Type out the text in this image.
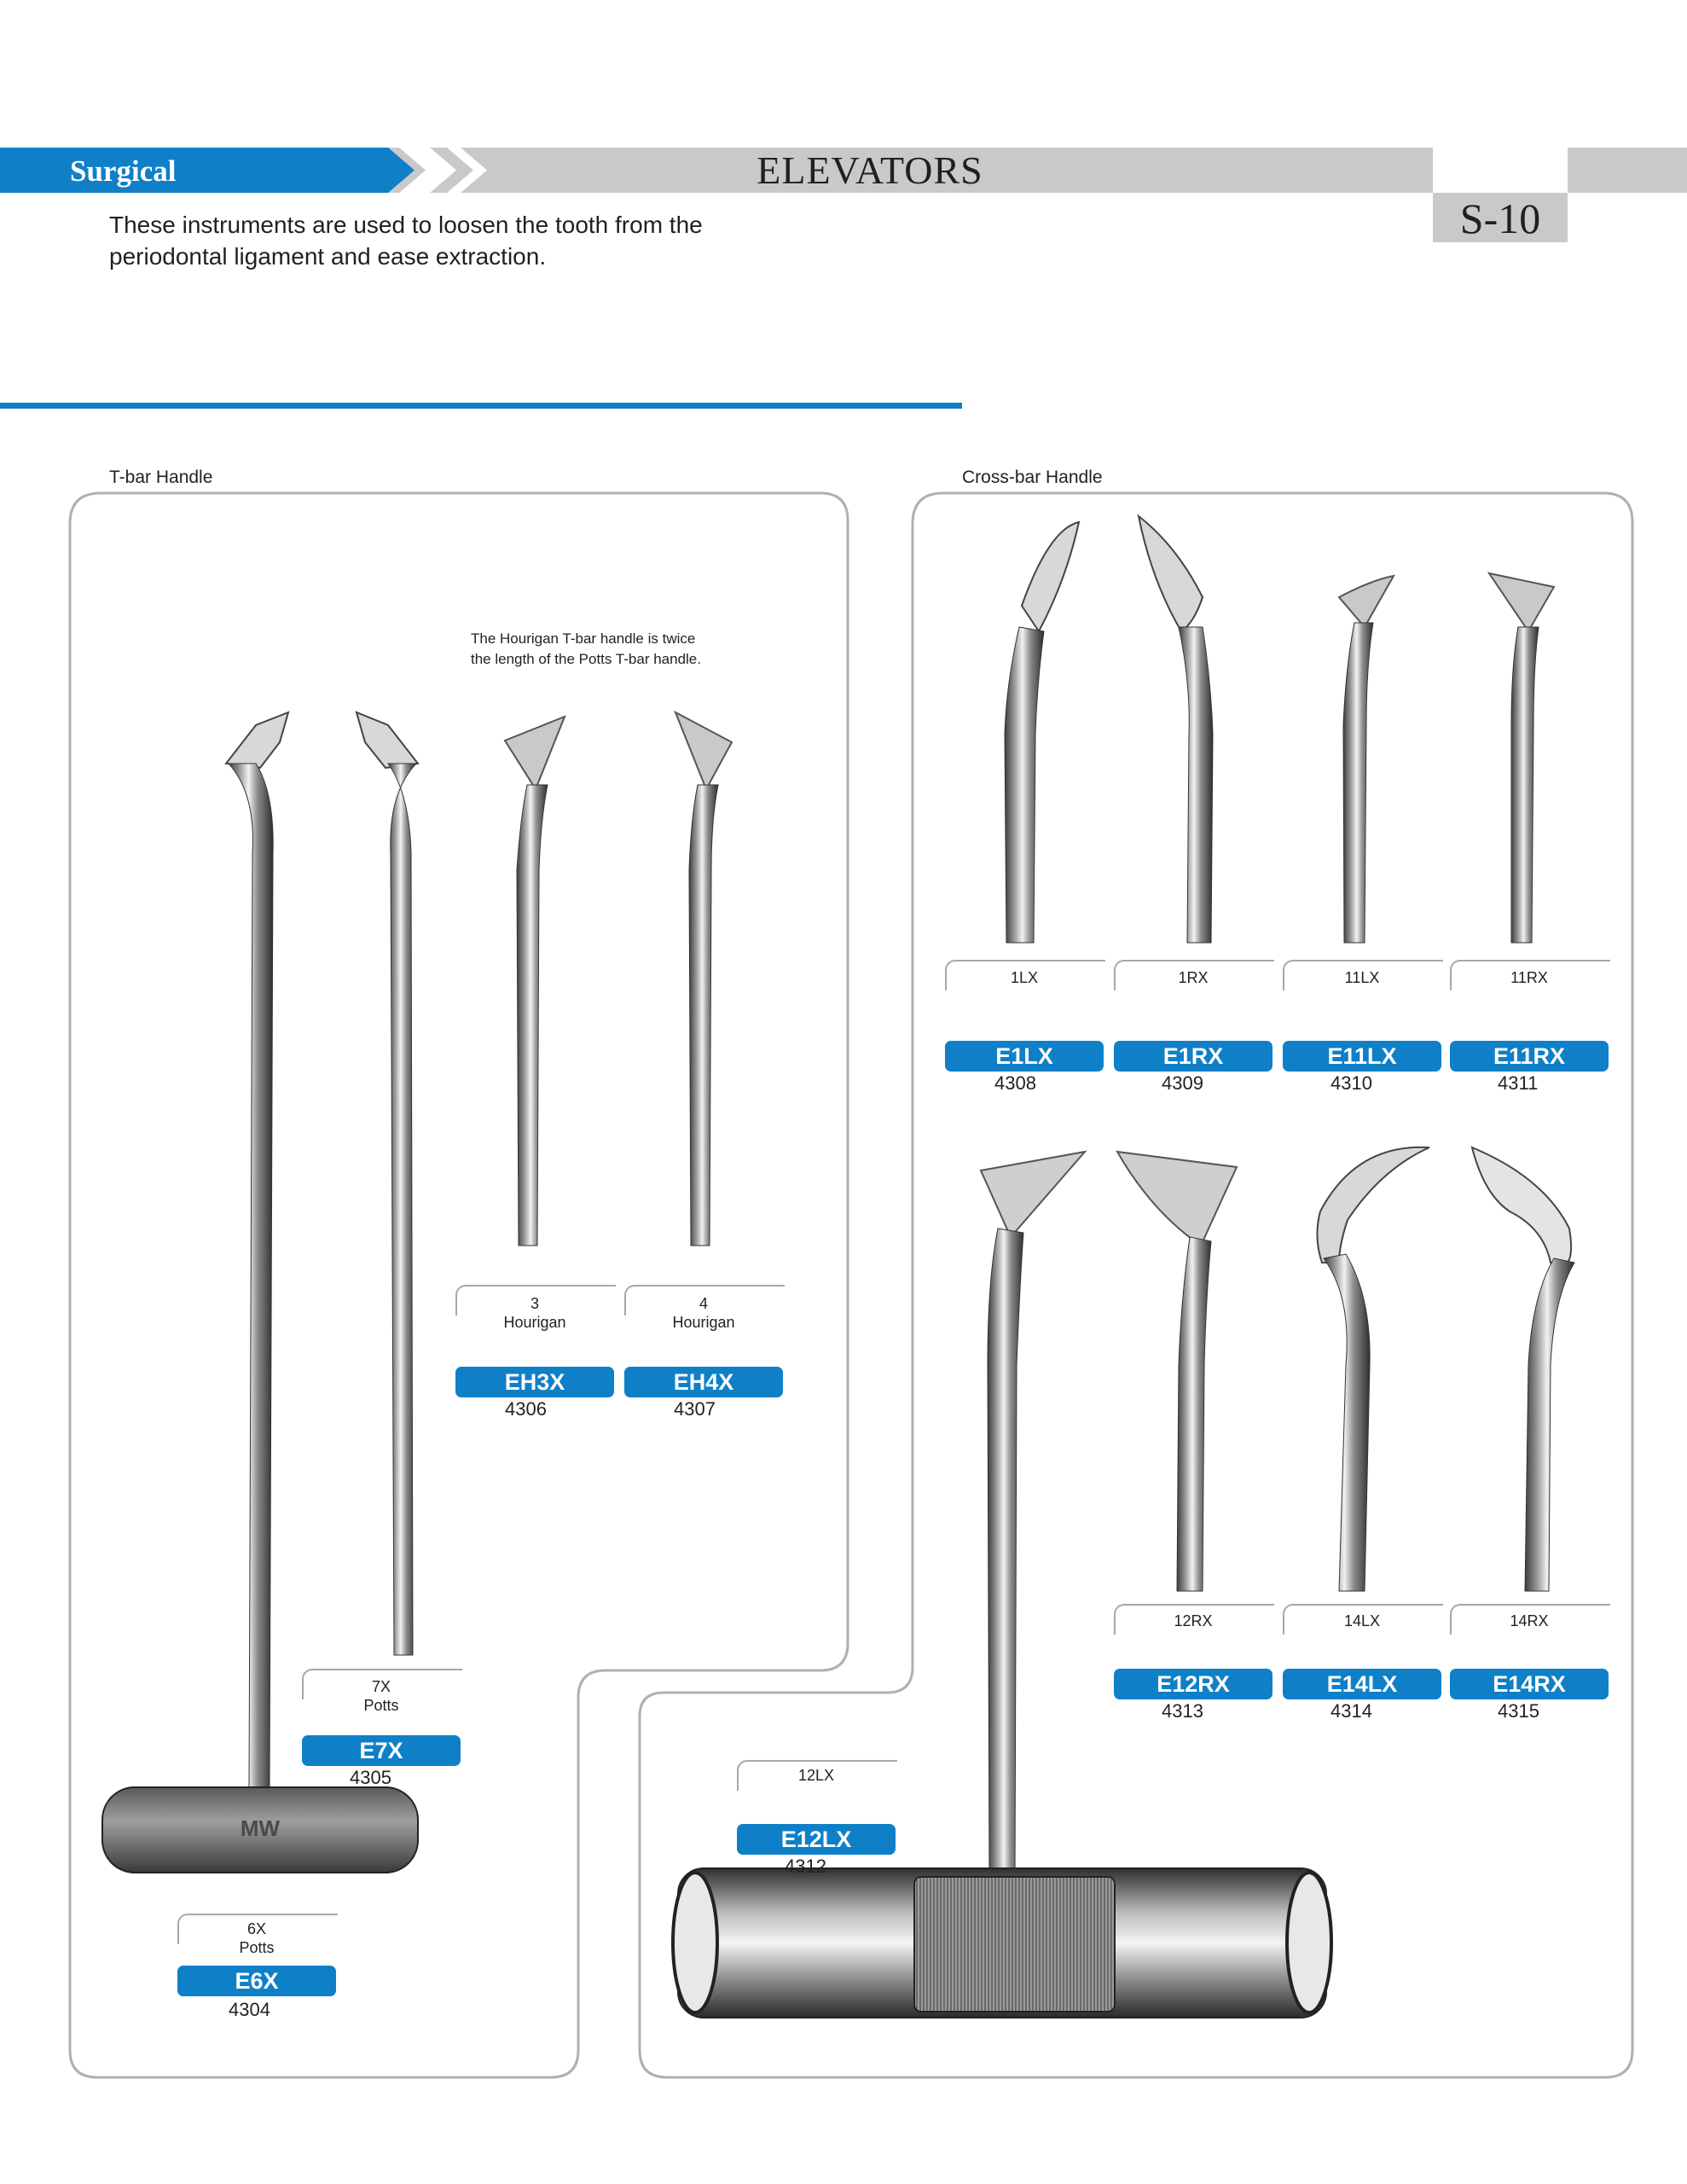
Surgical	ELEVATORS
S-10
These instruments are used to loosen the tooth from the
periodontal ligament and ease extraction.
T-bar Handle	Cross-bar Handle
MW
The Hourigan T-bar handle is twice
the length of the Potts T-bar handle.
6X
Potts
E6X
4304
7X
Potts
E7X
4305
3
Hourigan
EH3X
4306
4
Hourigan
EH4X
4307
1LX
E1LX
4308
1RX
E1RX
4309
11LX
E11LX
4310
11RX
E11RX
4311
12LX
E12LX
4312
12RX
E12RX
4313
14LX
E14LX
4314
14RX
E14RX
4315
